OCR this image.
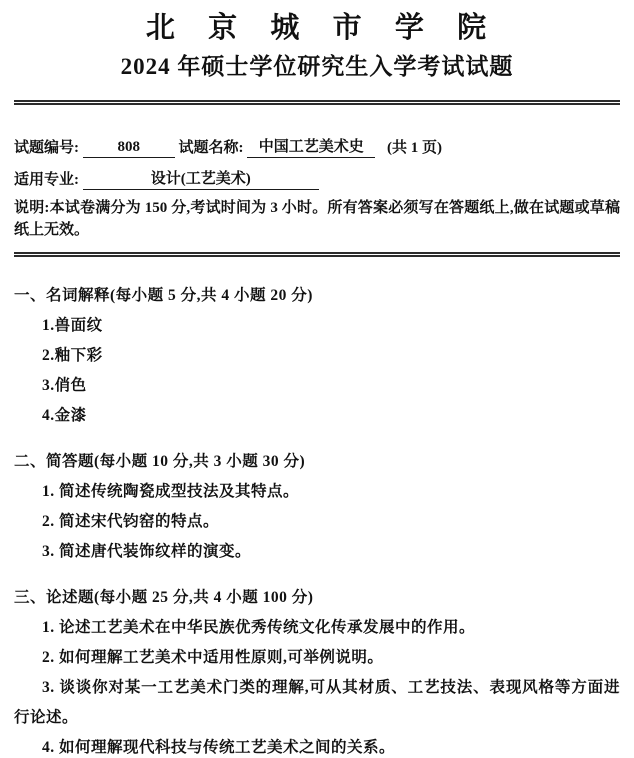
北 京 城 市 学 院
2024 年硕士学位研究生入学考试试题
试题编号:	808	试题名称: 中国工艺美术史 (共 1 页)
适用专业:	设计(工艺美术)
说明:本试卷满分为 150 分,考试时间为 3 小时。所有答案必须写在答题纸上,做在试题或草稿纸上无效。
一、名词解释(每小题 5 分,共 4 小题 20 分)
1.兽面纹
2.釉下彩
3.俏色
4.金漆
二、简答题(每小题 10 分,共 3 小题 30 分)
1. 简述传统陶瓷成型技法及其特点。
2. 简述宋代钧窑的特点。
3. 简述唐代装饰纹样的演变。
三、论述题(每小题 25 分,共 4 小题 100 分)
1. 论述工艺美术在中华民族优秀传统文化传承发展中的作用。
2. 如何理解工艺美术中适用性原则,可举例说明。
3. 谈谈你对某一工艺美术门类的理解,可从其材质、工艺技法、表现风格等方面进行论述。
4. 如何理解现代科技与传统工艺美术之间的关系。
